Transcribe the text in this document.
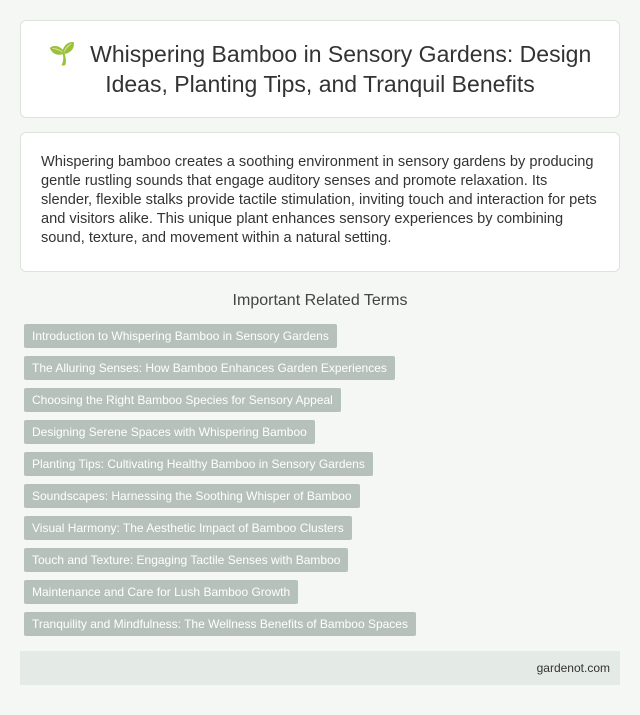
🌱 Whispering Bamboo in Sensory Gardens: Design Ideas, Planting Tips, and Tranquil Benefits

Whispering bamboo creates a soothing environment in sensory gardens by producing gentle rustling sounds that engage auditory senses and promote relaxation. Its slender, flexible stalks provide tactile stimulation, inviting touch and interaction for pets and visitors alike. This unique plant enhances sensory experiences by combining sound, texture, and movement within a natural setting.

Important Related Terms
Introduction to Whispering Bamboo in Sensory Gardens
The Alluring Senses: How Bamboo Enhances Garden Experiences
Choosing the Right Bamboo Species for Sensory Appeal
Designing Serene Spaces with Whispering Bamboo
Planting Tips: Cultivating Healthy Bamboo in Sensory Gardens
Soundscapes: Harnessing the Soothing Whisper of Bamboo
Visual Harmony: The Aesthetic Impact of Bamboo Clusters
Touch and Texture: Engaging Tactile Senses with Bamboo
Maintenance and Care for Lush Bamboo Growth
Tranquility and Mindfulness: The Wellness Benefits of Bamboo Spaces
gardenot.com
